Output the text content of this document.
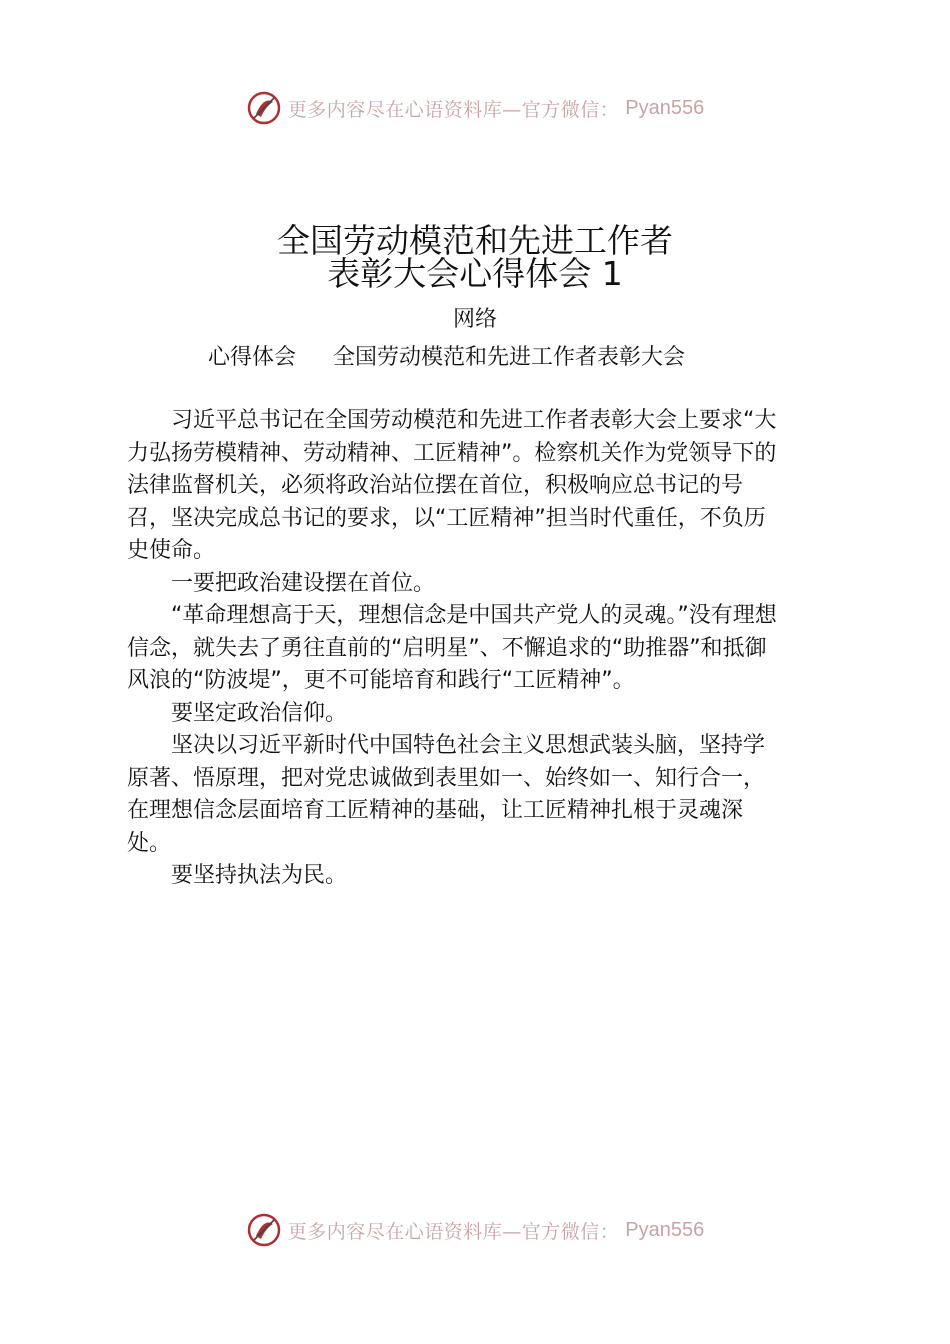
更多内容尽在心语资料库—官方微信： Pyan556
全国劳动模范和先进工作者
表彰大会心得体会 1
网络
心得体会 全国劳动模范和先进工作者表彰大会

习近平总书记在全国劳动模范和先进工作者表彰大会上要求“大力弘扬劳模精神、劳动精神、工匠精神”。检察机关作为党领导下的法律监督机关，必须将政治站位摆在首位，积极响应总书记的号召，坚决完成总书记的要求，以“工匠精神”担当时代重任，不负历史使命。

一要把政治建设摆在首位。

“革命理想高于天，理想信念是中国共产党人的灵魂。”没有理想信念，就失去了勇往直前的“启明星”、不懈追求的“助推器”和抵御风浪的“防波堤”，更不可能培育和践行“工匠精神”。

要坚定政治信仰。

坚决以习近平新时代中国特色社会主义思想武装头脑，坚持学原著、悟原理，把对党忠诚做到表里如一、始终如一、知行合一，在理想信念层面培育工匠精神的基础，让工匠精神扎根于灵魂深处。

要坚持执法为民。

更多内容尽在心语资料库—官方微信： Pyan556
